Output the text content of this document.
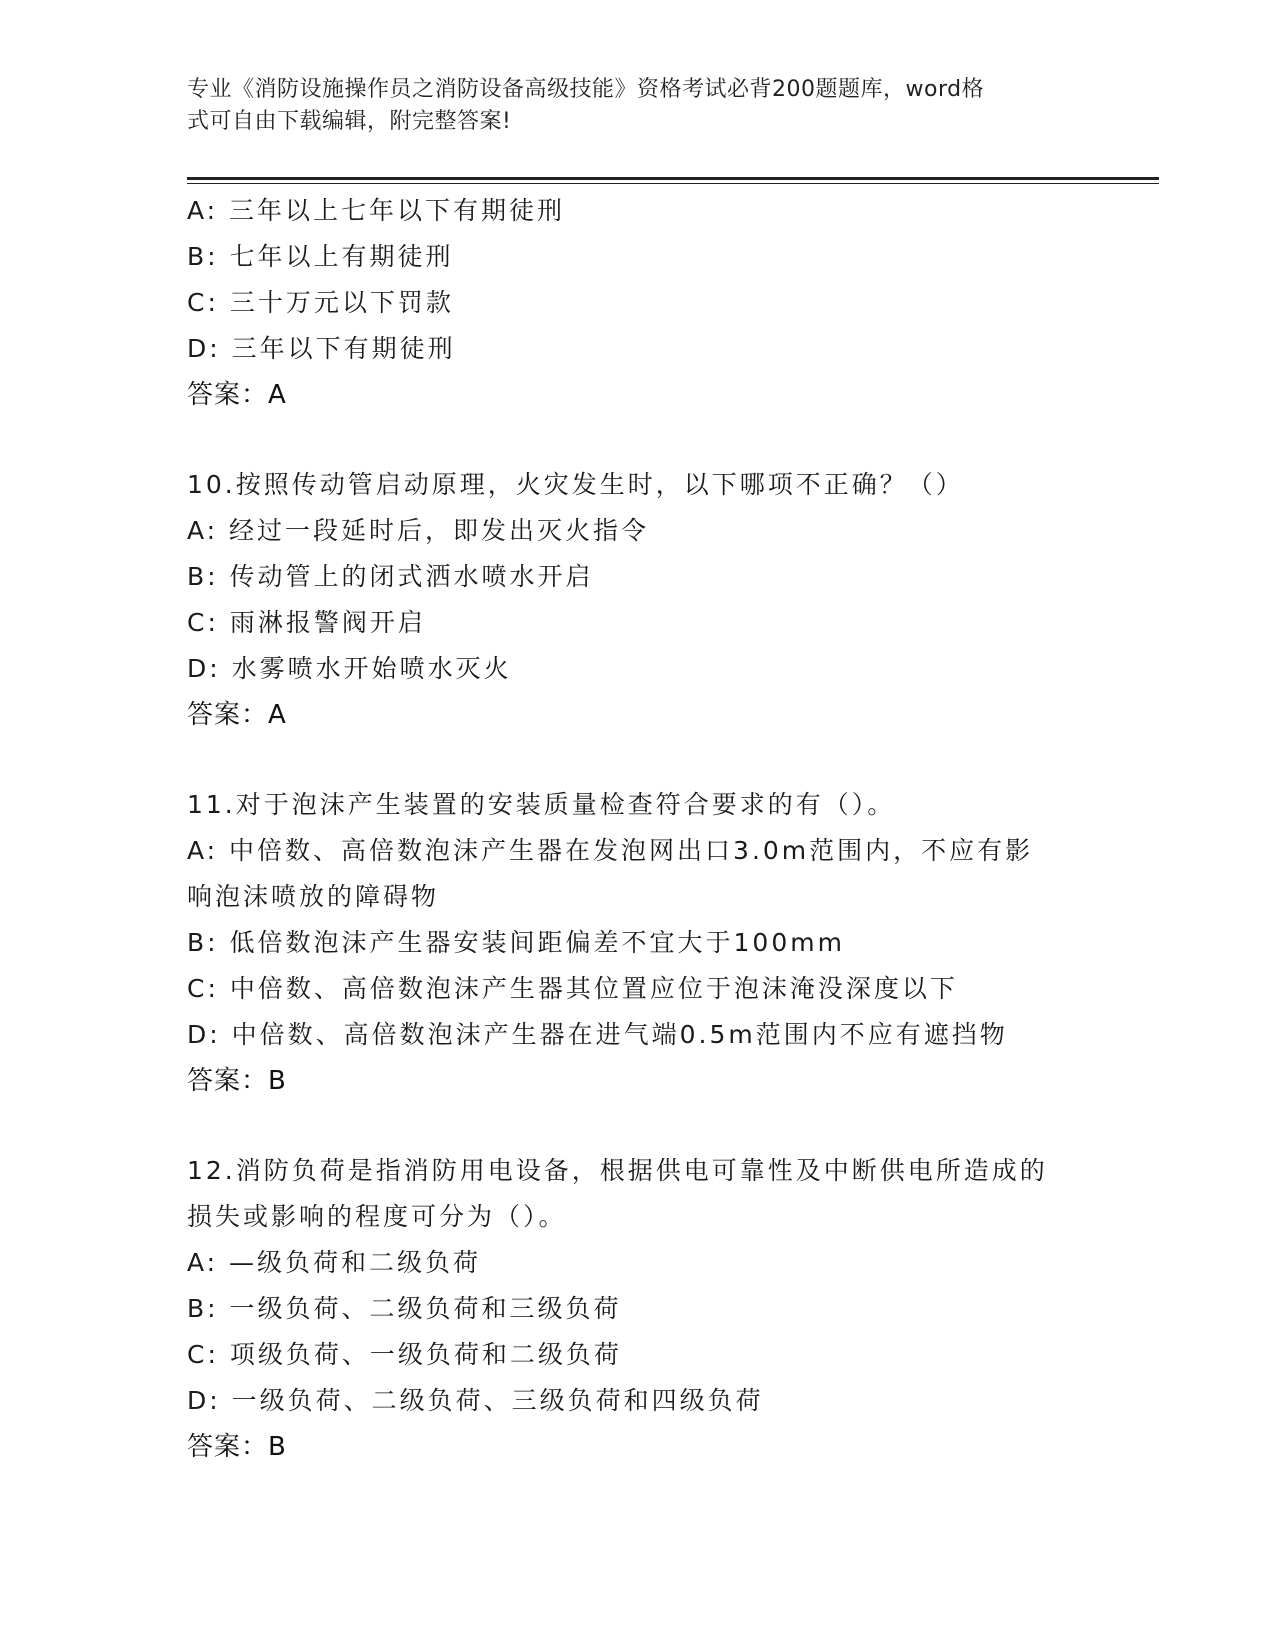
专业《消防设施操作员之消防设备高级技能》资格考试必背200题题库，word格
式可自由下载编辑，附完整答案!
A: 三年以上七年以下有期徒刑
B: 七年以上有期徒刑
C: 三十万元以下罚款
D: 三年以下有期徒刑
答案：A
10.按照传动管启动原理，火灾发生时，以下哪项不正确？（）
A: 经过一段延时后，即发出灭火指令
B: 传动管上的闭式洒水喷水开启
C: 雨淋报警阀开启
D: 水雾喷水开始喷水灭火
答案：A
11.对于泡沫产生装置的安装质量检查符合要求的有（）。
A: 中倍数、高倍数泡沫产生器在发泡网出口3.0m范围内，不应有影
响泡沫喷放的障碍物
B: 低倍数泡沫产生器安装间距偏差不宜大于100mm
C: 中倍数、高倍数泡沫产生器其位置应位于泡沫淹没深度以下
D: 中倍数、高倍数泡沫产生器在进气端0.5m范围内不应有遮挡物
答案：B
12.消防负荷是指消防用电设备，根据供电可靠性及中断供电所造成的
损失或影响的程度可分为（）。
A: —级负荷和二级负荷
B: 一级负荷、二级负荷和三级负荷
C: 项级负荷、一级负荷和二级负荷
D: 一级负荷、二级负荷、三级负荷和四级负荷
答案：B
